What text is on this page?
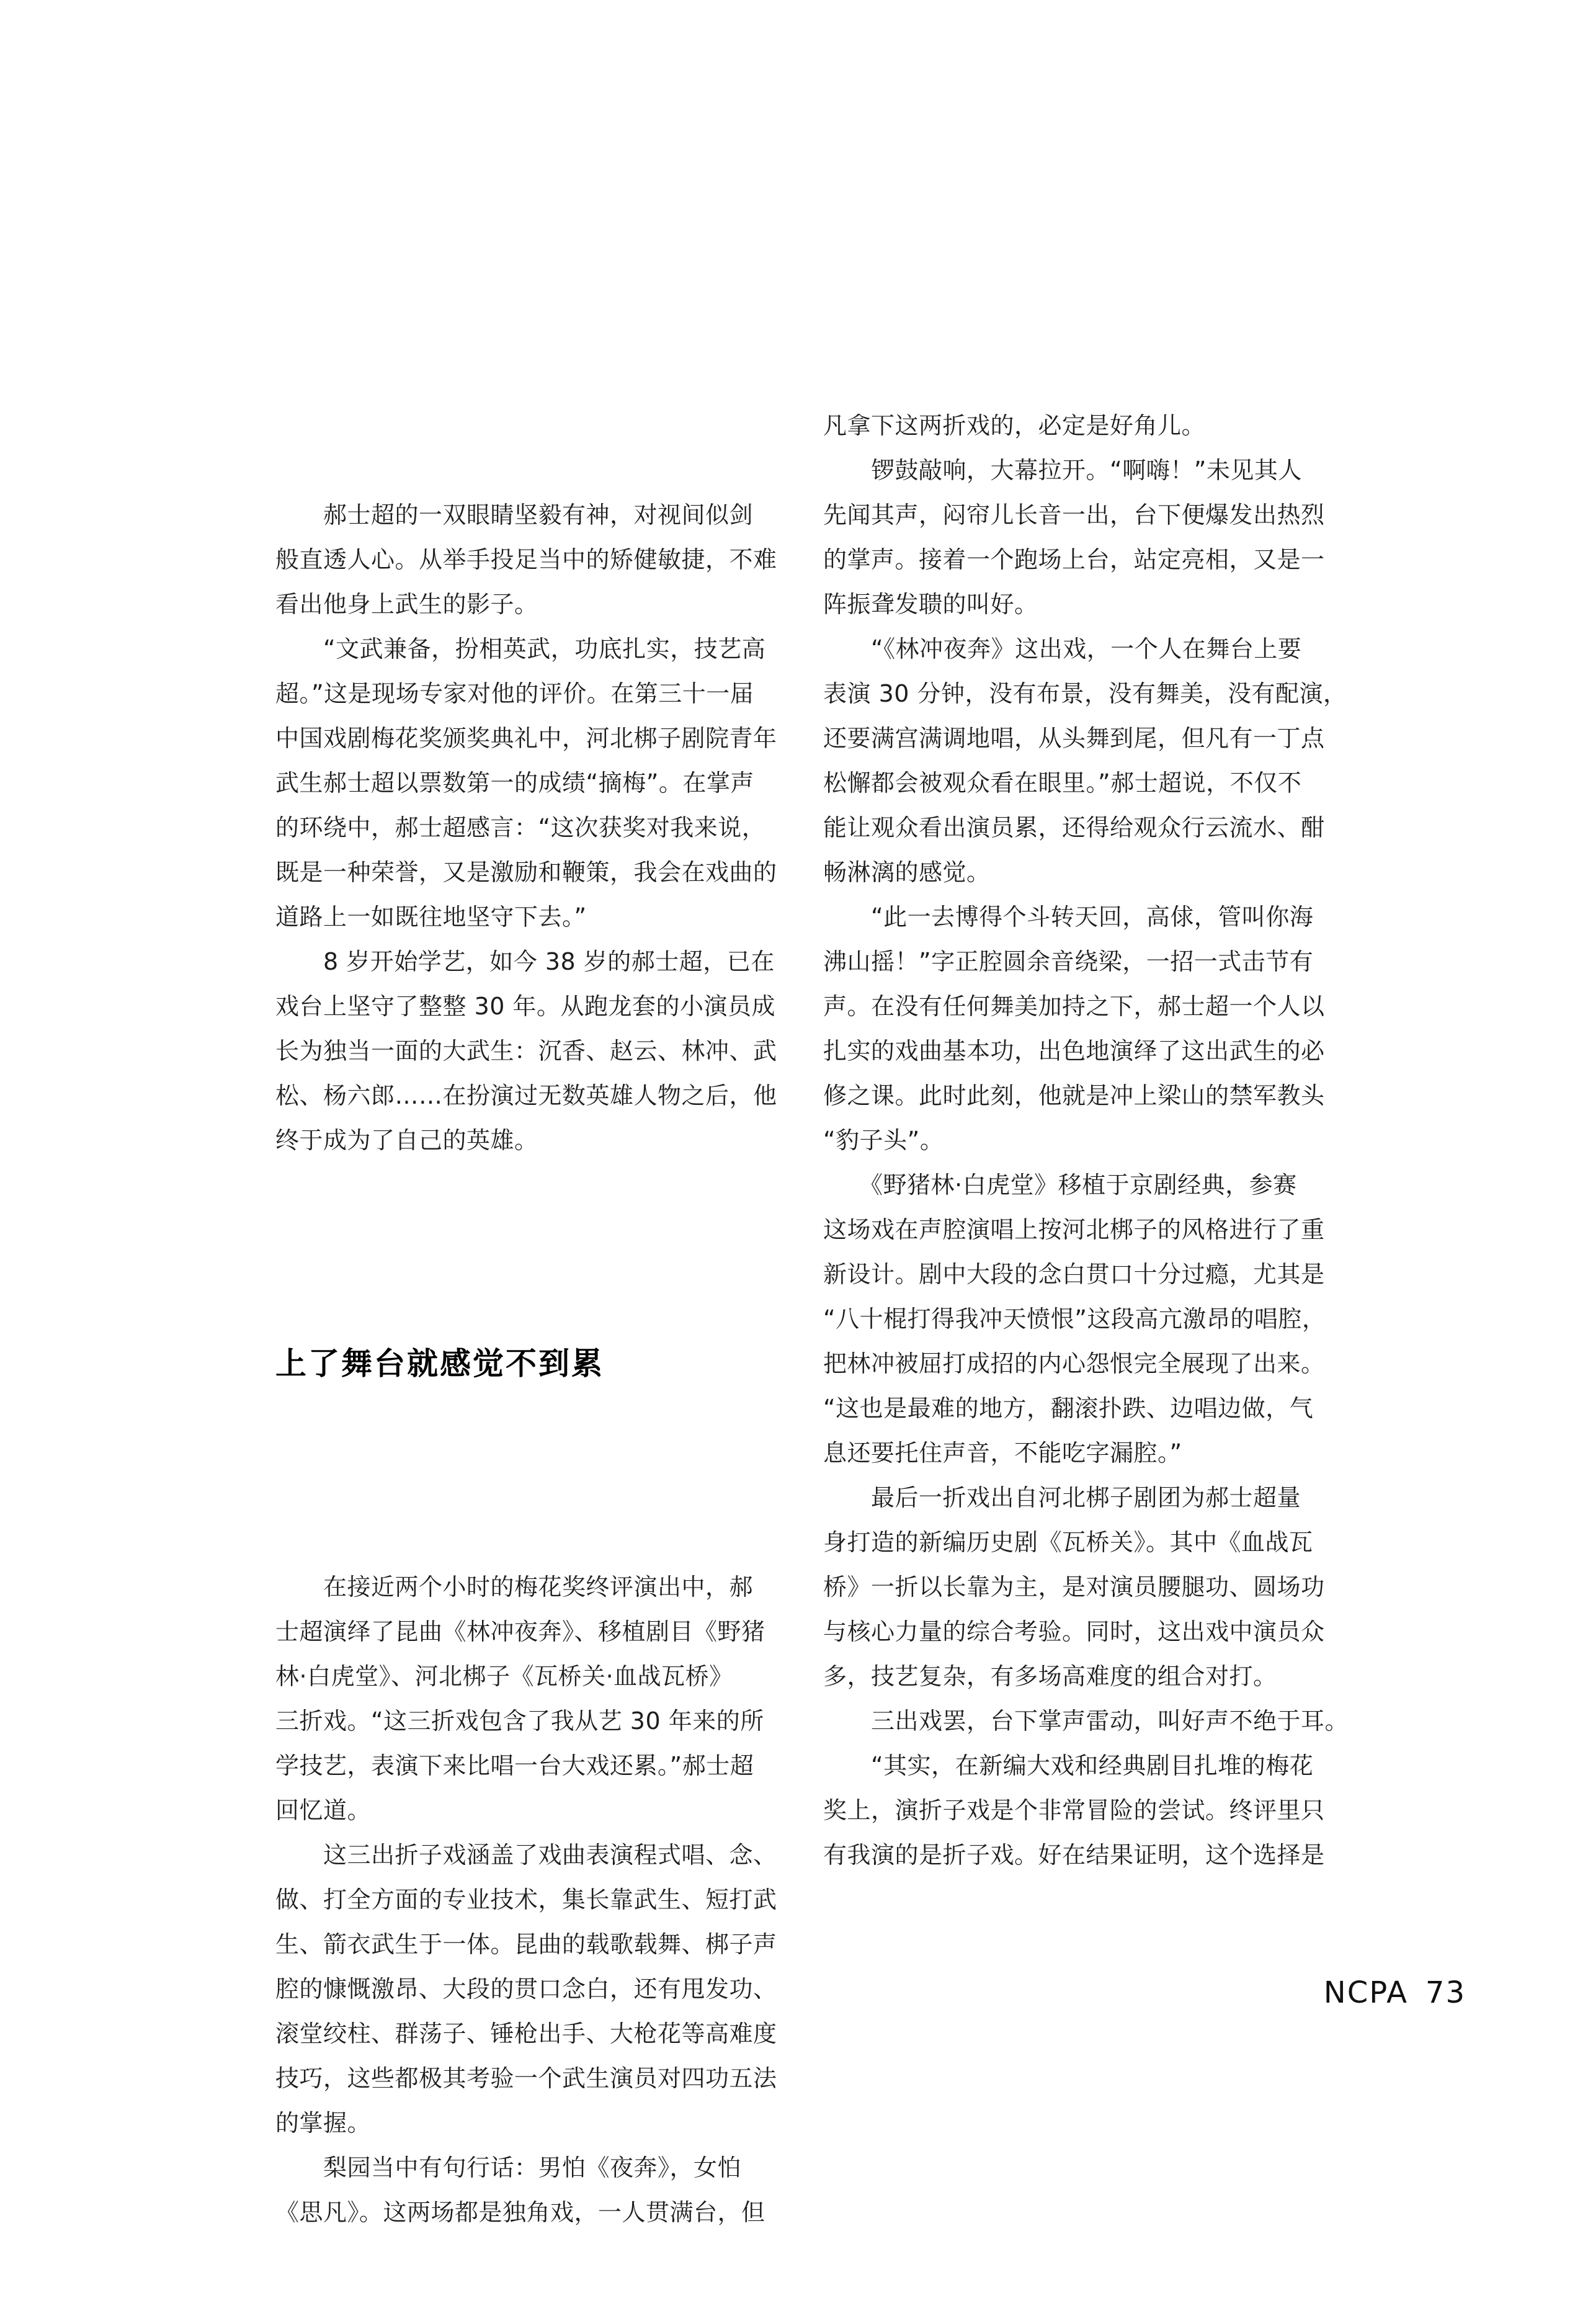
　　郝士超的一双眼睛坚毅有神，对视间似剑
般直透人心。从举手投足当中的矫健敏捷，不难
看出他身上武生的影子。
　　“文武兼备，扮相英武，功底扎实，技艺高
超。”这是现场专家对他的评价。在第三十一届
中国戏剧梅花奖颁奖典礼中，河北梆子剧院青年
武生郝士超以票数第一的成绩“摘梅”。在掌声
的环绕中，郝士超感言：“这次获奖对我来说，
既是一种荣誉，又是激励和鞭策，我会在戏曲的
道路上一如既往地坚守下去。”
　　8 岁开始学艺，如今 38 岁的郝士超，已在
戏台上坚守了整整 30 年。从跑龙套的小演员成
长为独当一面的大武生：沉香、赵云、林冲、武
松、杨六郎……在扮演过无数英雄人物之后，他
终于成为了自己的英雄。

上了舞台就感觉不到累

　　在接近两个小时的梅花奖终评演出中，郝
士超演绎了昆曲《林冲夜奔》、移植剧目《野猪
林·白虎堂》、河北梆子《瓦桥关·血战瓦桥》
三折戏。“这三折戏包含了我从艺 30 年来的所
学技艺，表演下来比唱一台大戏还累。”郝士超
回忆道。
　　这三出折子戏涵盖了戏曲表演程式唱、念、
做、打全方面的专业技术，集长靠武生、短打武
生、箭衣武生于一体。昆曲的载歌载舞、梆子声
腔的慷慨激昂、大段的贯口念白，还有甩发功、
滚堂绞柱、群荡子、锤枪出手、大枪花等高难度
技巧，这些都极其考验一个武生演员对四功五法
的掌握。
　　梨园当中有句行话：男怕《夜奔》，女怕
《思凡》。这两场都是独角戏，一人贯满台，但

凡拿下这两折戏的，必定是好角儿。
　　锣鼓敲响，大幕拉开。“啊嗨！”未见其人
先闻其声，闷帘儿长音一出，台下便爆发出热烈
的掌声。接着一个跑场上台，站定亮相，又是一
阵振聋发聩的叫好。
　　“《林冲夜奔》这出戏，一个人在舞台上要
表演 30 分钟，没有布景，没有舞美，没有配演，
还要满宫满调地唱，从头舞到尾，但凡有一丁点
松懈都会被观众看在眼里。”郝士超说，不仅不
能让观众看出演员累，还得给观众行云流水、酣
畅淋漓的感觉。
　　“此一去博得个斗转天回，高俅，管叫你海
沸山摇！”字正腔圆余音绕梁，一招一式击节有
声。在没有任何舞美加持之下，郝士超一个人以
扎实的戏曲基本功，出色地演绎了这出武生的必
修之课。此时此刻，他就是冲上梁山的禁军教头
“豹子头”。
　　《野猪林·白虎堂》移植于京剧经典，参赛
这场戏在声腔演唱上按河北梆子的风格进行了重
新设计。剧中大段的念白贯口十分过瘾，尤其是
“八十棍打得我冲天愤恨”这段高亢激昂的唱腔，
把林冲被屈打成招的内心怨恨完全展现了出来。
“这也是最难的地方，翻滚扑跌、边唱边做，气
息还要托住声音，不能吃字漏腔。”
　　最后一折戏出自河北梆子剧团为郝士超量
身打造的新编历史剧《瓦桥关》。其中《血战瓦
桥》一折以长靠为主，是对演员腰腿功、圆场功
与核心力量的综合考验。同时，这出戏中演员众
多，技艺复杂，有多场高难度的组合对打。
　　三出戏罢，台下掌声雷动，叫好声不绝于耳。
　　“其实，在新编大戏和经典剧目扎堆的梅花
奖上，演折子戏是个非常冒险的尝试。终评里只
有我演的是折子戏。好在结果证明，这个选择是

NCPA 73
